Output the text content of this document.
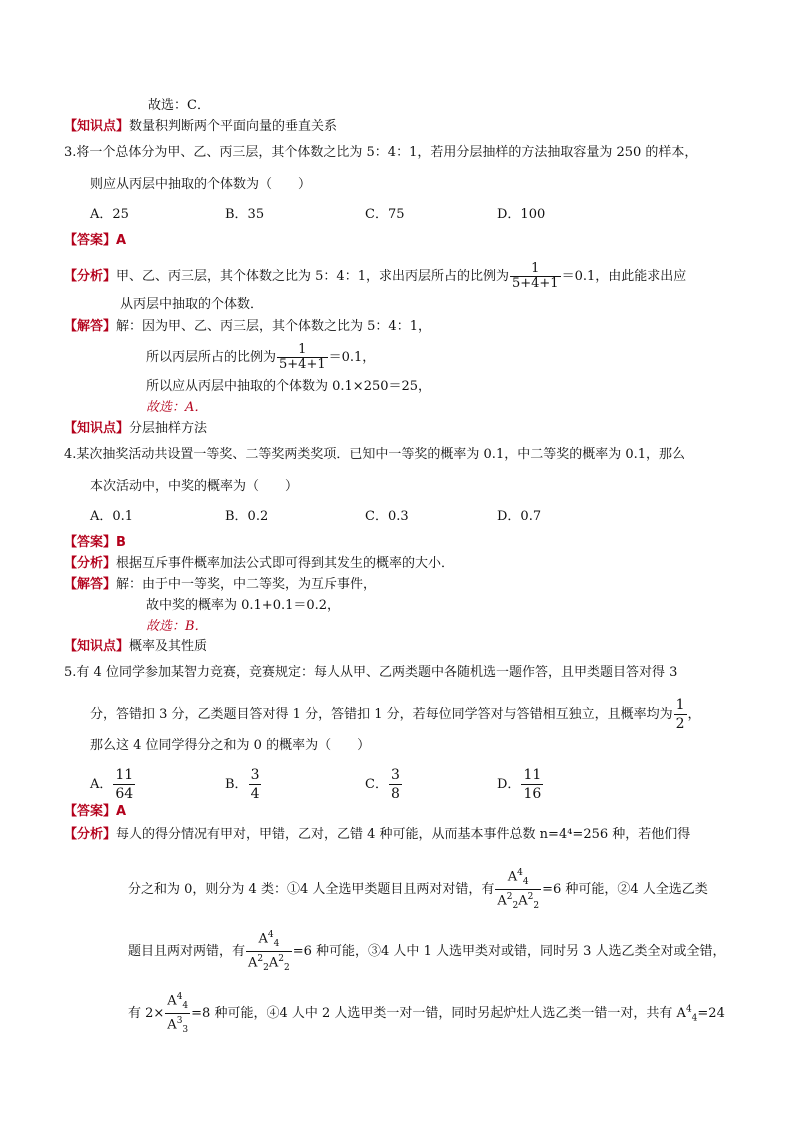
故选：C．
【知识点】数量积判断两个平面向量的垂直关系
3.将一个总体分为甲、乙、丙三层，其个体数之比为 5：4：1，若用分层抽样的方法抽取容量为 250 的样本，
则应从丙层中抽取的个体数为（　　）
A．25	B．35	C．75	D．100
【答案】A
【分析】甲、乙、丙三层，其个体数之比为 5：4：1，求出丙层所占的比例为 $\frac{1}{5+4+1} =0.1$，由此能求出应
从丙层中抽取的个体数．
【解答】解：因为甲、乙、丙三层，其个体数之比为 5：4：1，
所以丙层所占的比例为 $\frac{1}{5+4+1} =0.1$，
所以应从丙层中抽取的个体数为 0.1×250＝25，
故选：A．
【知识点】分层抽样方法
4.某次抽奖活动共设置一等奖、二等奖两类奖项．已知中一等奖的概率为 0.1，中二等奖的概率为 0.1，那么
本次活动中，中奖的概率为（　　）
A．0.1	B．0.2	C．0.3	D．0.7
【答案】B
【分析】根据互斥事件概率加法公式即可得到其发生的概率的大小．
【解答】解：由于中一等奖，中二等奖，为互斥事件，
故中奖的概率为 0.1+0.1＝0.2，
故选：B．
【知识点】概率及其性质
5.有 4 位同学参加某智力竞赛，竞赛规定：每人从甲、乙两类题中各随机选一题作答，且甲类题目答对得 3
分，答错扣 3 分，乙类题目答对得 1 分，答错扣 1 分，若每位同学答对与答错相互独立，且概率均为 $\frac{1}{2}$ ，
那么这 4 位同学得分之和为 0 的概率为（　　）
A． $\frac{11}{64}$	B． $\frac{3}{4}$	C． $\frac{3}{8}$	D． $\frac{11}{16}$
【答案】A
【分析】每人的得分情况有甲对，甲错，乙对，乙错 4 种可能，从而基本事件总数 n=4⁴=256 种，若他们得
分之和为 0，则分为 4 类：①4 人全选甲类题目且两对对错，有 $\frac{A^4_4}{A^2_2A^2_2} =6$ 种可能，②4 人全选乙类
题目且两对两错，有 $\frac{A^4_4}{A^2_2A^2_2} =6$ 种可能，③4 人中 1 人选甲类对或错，同时另 3 人选乙类全对或全错，
有 $2\times \frac{A^4_4}{A^3_3} =8$ 种可能，④4 人中 2 人选甲类一对一错，同时另起炉灶人选乙类一错一对，共有 $A^4_4=24$
